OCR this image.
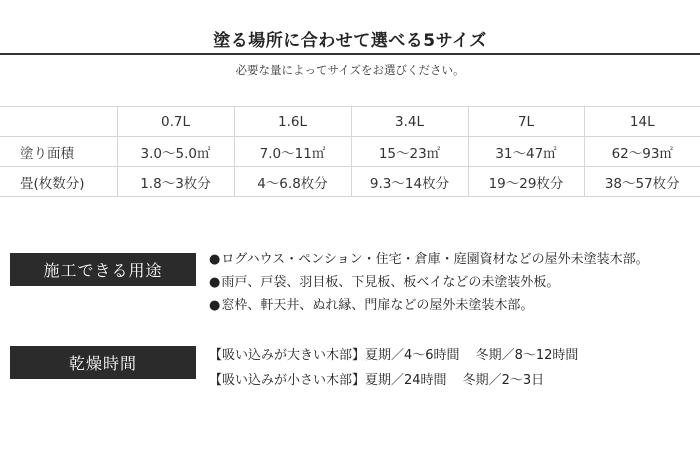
塗る場所に合わせて選べる5サイズ
必要な量によってサイズをお選びください。
	0.7L	1.6L	3.4L	7L	14L
塗り面積	3.0〜5.0㎡	7.0〜11㎡	15〜23㎡	31〜47㎡	62〜93㎡
畳(枚数分)	1.8〜3枚分	4〜6.8枚分	9.3〜14枚分	19〜29枚分	38〜57枚分
施工できる用途
●ログハウス・ペンション・住宅・倉庫・庭園資材などの屋外未塗装木部。
●雨戸、戸袋、羽目板、下見板、板ベイなどの未塗装外板。
●窓枠、軒天井、ぬれ縁、門扉などの屋外未塗装木部。
乾燥時間	【吸い込みが大きい木部】夏期／4〜6時間 冬期／8〜12時間
【吸い込みが小さい木部】夏期／24時間 冬期／2〜3日
